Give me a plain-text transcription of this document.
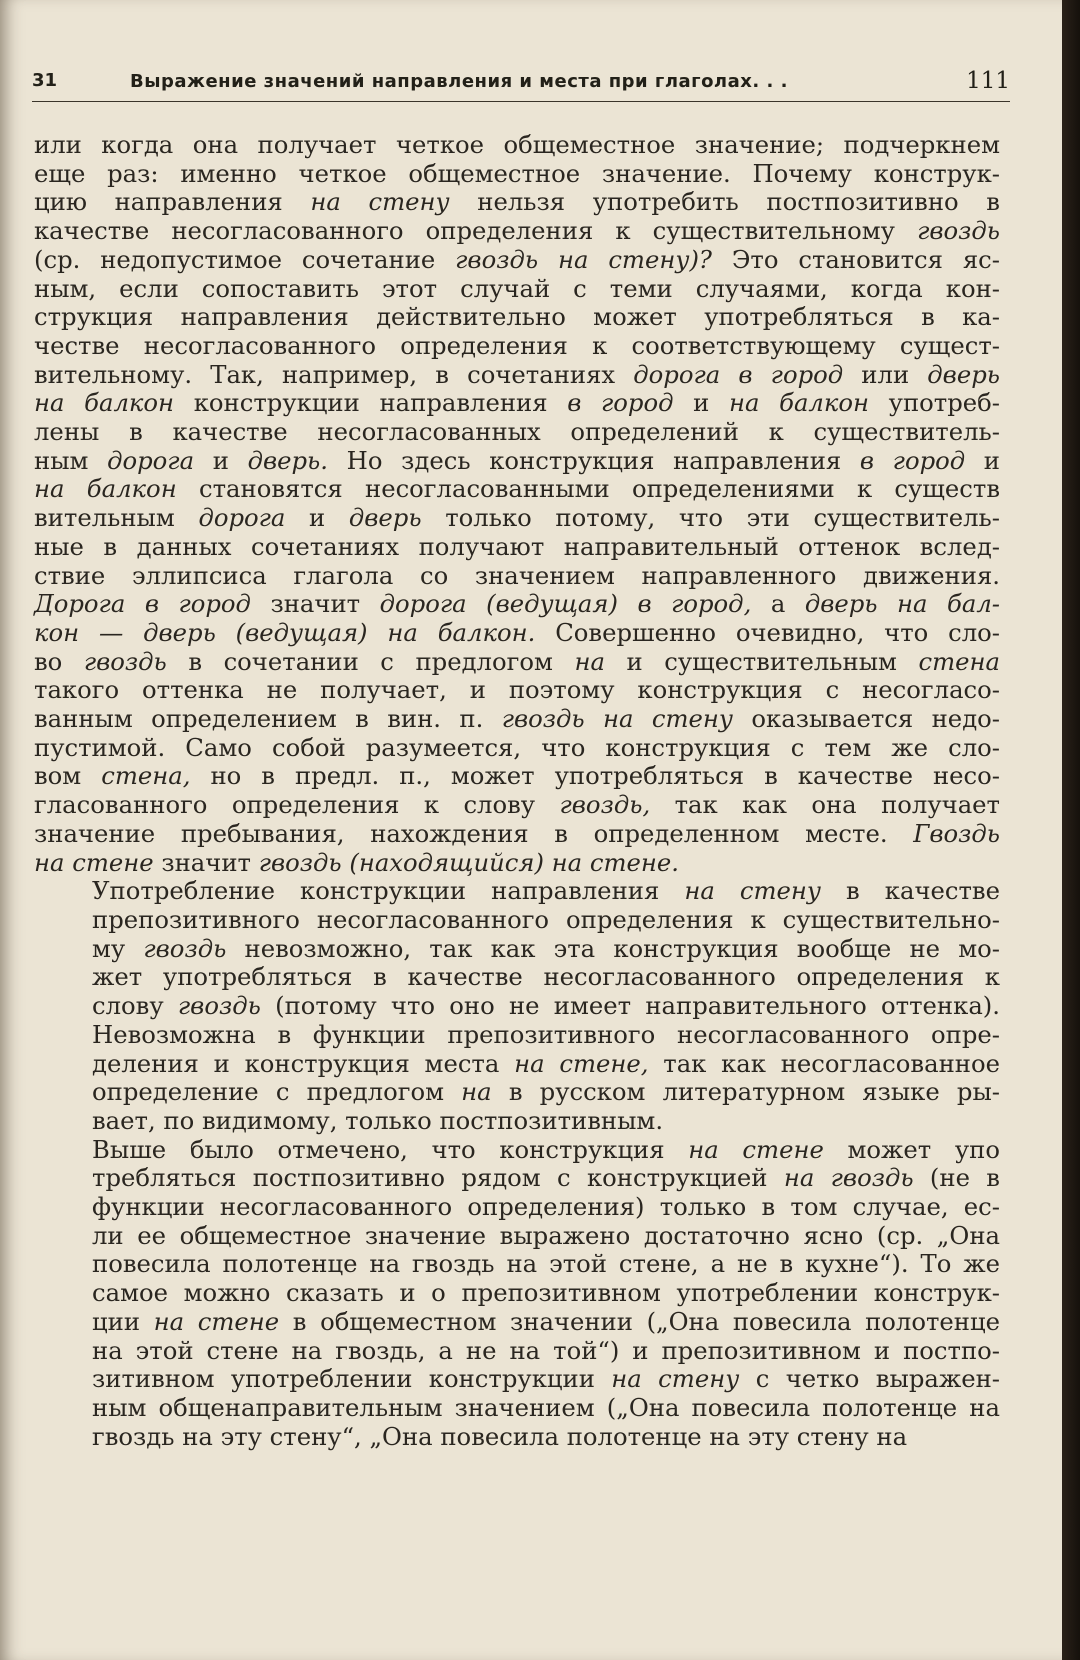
31	Выражение значений направления и места при глаголах. . .	111

или когда она получает четкое общеместное значение; подчеркнем
еще раз: именно четкое общеместное значение. Почему конструк-
цию направления на стену нельзя употребить постпозитивно в
качестве несогласованного определения к существительному гвоздь
(ср. недопустимое сочетание гвоздь на стену)? Это становится яс-
ным, если сопоставить этот случай с теми случаями, когда кон-
струкция направления действительно может употребляться в ка-
честве несогласованного определения к соответствующему сущест-
вительному. Так, например, в сочетаниях дорога в город или дверь
на балкон конструкции направления в город и на балкон употреб-
лены в качестве несогласованных определений к существитель-
ным дорога и дверь. Но здесь конструкция направления в город и
на балкон становятся несогласованными определениями к существ
вительным дорога и дверь только потому, что эти существитель-
ные в данных сочетаниях получают направительный оттенок вслед-
ствие эллипсиса глагола со значением направленного движения.
Дорога в город значит дорога (ведущая) в город, а дверь на бал-
кон — дверь (ведущая) на балкон. Совершенно очевидно, что сло-
во гвоздь в сочетании с предлогом на и существительным стена
такого оттенка не получает, и поэтому конструкция с несогласо-
ванным определением в вин. п. гвоздь на стену оказывается недо-
пустимой. Само собой разумеется, что конструкция с тем же сло-
вом стена, но в предл. п., может употребляться в качестве несо-
гласованного определения к слову гвоздь, так как она получает
значение пребывания, нахождения в определенном месте. Гвоздь
на стене значит гвоздь (находящийся) на стене.

Употребление конструкции направления на стену в качестве
препозитивного несогласованного определения к существительно-
му гвоздь невозможно, так как эта конструкция вообще не мо-
жет употребляться в качестве несогласованного определения к
слову гвоздь (потому что оно не имеет направительного оттенка).
Невозможна в функции препозитивного несогласованного опре-
деления и конструкция места на стене, так как несогласованное
определение с предлогом на в русском литературном языке ры-
вает, по видимому, только постпозитивным.

Выше было отмечено, что конструкция на стене может упо
требляться постпозитивно рядом с конструкцией на гвоздь (не в
функции несогласованного определения) только в том случае, ес-
ли ее общеместное значение выражено достаточно ясно (ср. „Она
повесила полотенце на гвоздь на этой стене, а не в кухне“). То же
самое можно сказать и о препозитивном употреблении конструк-
ции на стене в общеместном значении („Она повесила полотенце
на этой стене на гвоздь, а не на той“) и препозитивном и постпо-
зитивном употреблении конструкции на стену с четко выражен-
ным общенаправительным значением („Она повесила полотенце на
гвоздь на эту стену“, „Она повесила полотенце на эту стену на
